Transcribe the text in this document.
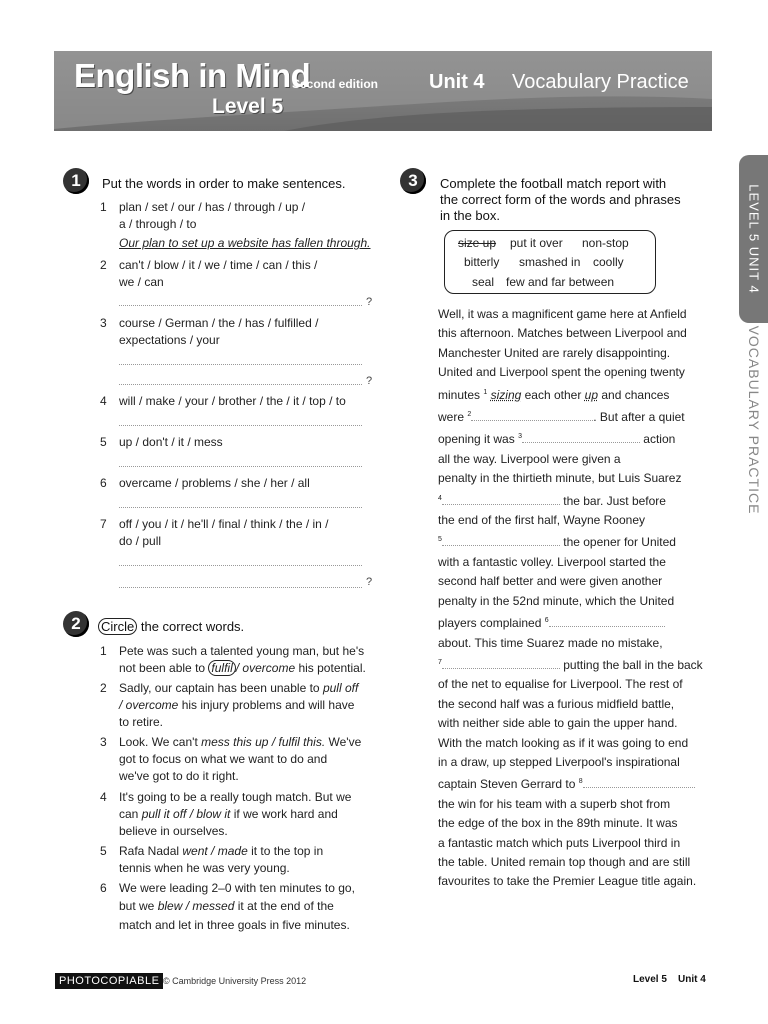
English in Mind
Second edition
Level 5
Unit 4 Vocabulary Practice
LEVEL 5 UNIT 4
VOCABULARY PRACTICE
1	Put the words in order to make sentences.
1 plan / set / our / has / through / up /
a / through / to
Our plan to set up a website has fallen through.
2 can't / blow / it / we / time / can / this /
we / can
?
3 course / German / the / has / fulfilled /
expectations / your
?
4 will / make / your / brother / the / it / top / to
5 up / don't / it / mess
6 overcame / problems / she / her / all
7 off / you / it / he'll / final / think / the / in /
do / pull
?
2	Circle the correct words.
1 Pete was such a talented young man, but he's
not been able to fulfil / overcome his potential.
2 Sadly, our captain has been unable to pull off
/ overcome his injury problems and will have
to retire.
3 Look. We can't mess this up / fulfil this. We've
got to focus on what we want to do and
we've got to do it right.
4 It's going to be a really tough match. But we
can pull it off / blow it if we work hard and
believe in ourselves.
5 Rafa Nadal went / made it to the top in
tennis when he was very young.
6 We were leading 2–0 with ten minutes to go,
but we blew / messed it at the end of the
match and let in three goals in five minutes.
3	Complete the football match report with
the correct form of the words and phrases
in the box.
size up put it over non-stop
bitterly smashed in coolly
seal few and far between
Well, it was a magnificent game here at Anfield
this afternoon. Matches between Liverpool and
Manchester United are rarely disappointing.
United and Liverpool spent the opening twenty
minutes $^1$ sizing each other up and chances
were $^2$	. But after a quiet
opening it was $^3$	action
all the way. Liverpool were given a
penalty in the thirtieth minute, but Luis Suarez
$^4$	the bar. Just before
the end of the first half, Wayne Rooney
$^5$	the opener for United
with a fantastic volley. Liverpool started the
second half better and were given another
penalty in the 52nd minute, which the United
players complained $^6$
about. This time Suarez made no mistake,
$^7$	putting the ball in the back
of the net to equalise for Liverpool. The rest of
the second half was a furious midfield battle,
with neither side able to gain the upper hand.
With the match looking as if it was going to end
in a draw, up stepped Liverpool's inspirational
captain Steven Gerrard to $^8$
the win for his team with a superb shot from
the edge of the box in the 89th minute. It was
a fantastic match which puts Liverpool third in
the table. United remain top though and are still
favourites to take the Premier League title again.
PHOTOCOPIABLE © Cambridge University Press 2012	Level 5    Unit 4
